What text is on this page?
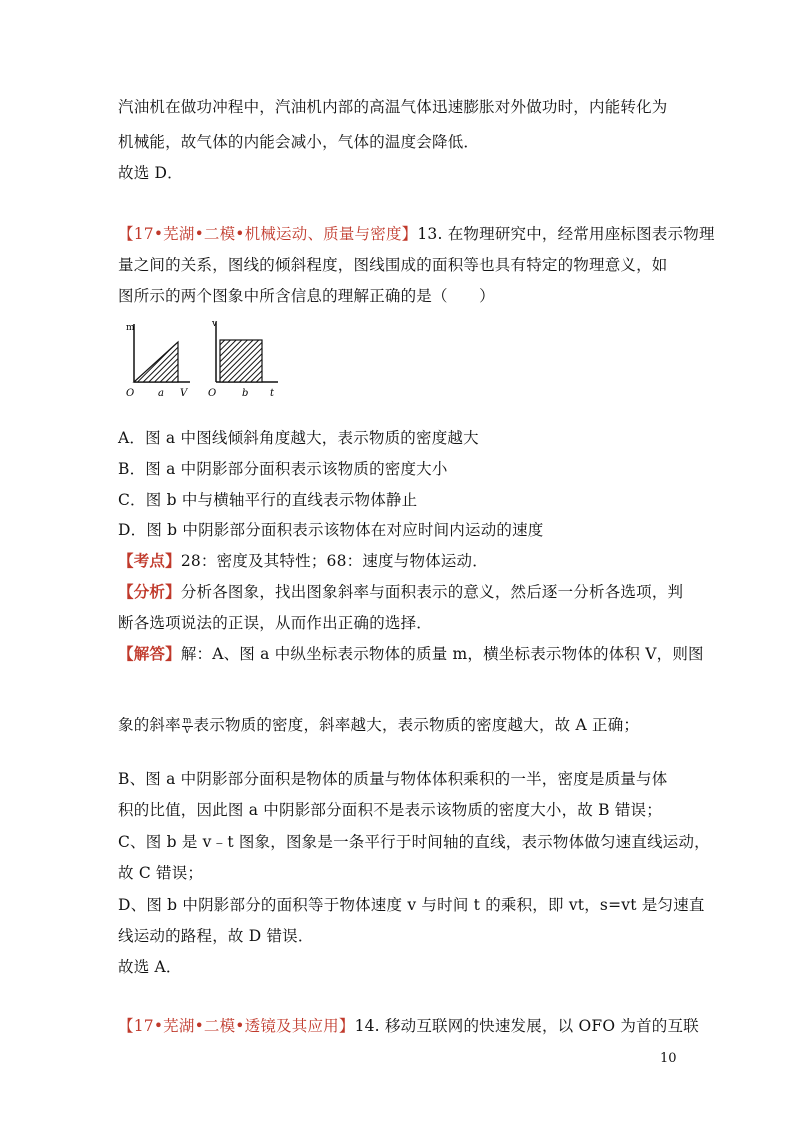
汽油机在做功冲程中，汽油机内部的高温气体迅速膨胀对外做功时，内能转化为
机械能，故气体的内能会减小，气体的温度会降低．
故选 D．
【17•芜湖•二模•机械运动、质量与密度】13. 在物理研究中，经常用座标图表示物理
量之间的关系，图线的倾斜程度，图线围成的面积等也具有特定的物理意义，如
图所示的两个图象中所含信息的理解正确的是（　　）
m
O a V
v
O	b t
A．图 a 中图线倾斜角度越大，表示物质的密度越大
B．图 a 中阴影部分面积表示该物质的密度大小
C．图 b 中与横轴平行的直线表示物体静止
D．图 b 中阴影部分面积表示该物体在对应时间内运动的速度
【考点】28：密度及其特性；68：速度与物体运动．
【分析】分析各图象，找出图象斜率与面积表示的意义，然后逐一分析各选项，判
断各选项说法的正误，从而作出正确的选择．
【解答】解：A、图 a 中纵坐标表示物体的质量 m，横坐标表示物体的体积 V，则图
象的斜率 $\frac{m}{V}$ 表示物质的密度，斜率越大，表示物质的密度越大，故 A 正确；
B、图 a 中阴影部分面积是物体的质量与物体体积乘积的一半，密度是质量与体
积的比值，因此图 a 中阴影部分面积不是表示该物质的密度大小，故 B 错误；
C、图 b 是 v﹣t 图象，图象是一条平行于时间轴的直线，表示物体做匀速直线运动，
故 C 错误；
D、图 b 中阴影部分的面积等于物体速度 v 与时间 t 的乘积，即 vt，s=vt 是匀速直
线运动的路程，故 D 错误．
故选 A．
【17•芜湖•二模•透镜及其应用】14. 移动互联网的快速发展，以 OFO 为首的互联
10
